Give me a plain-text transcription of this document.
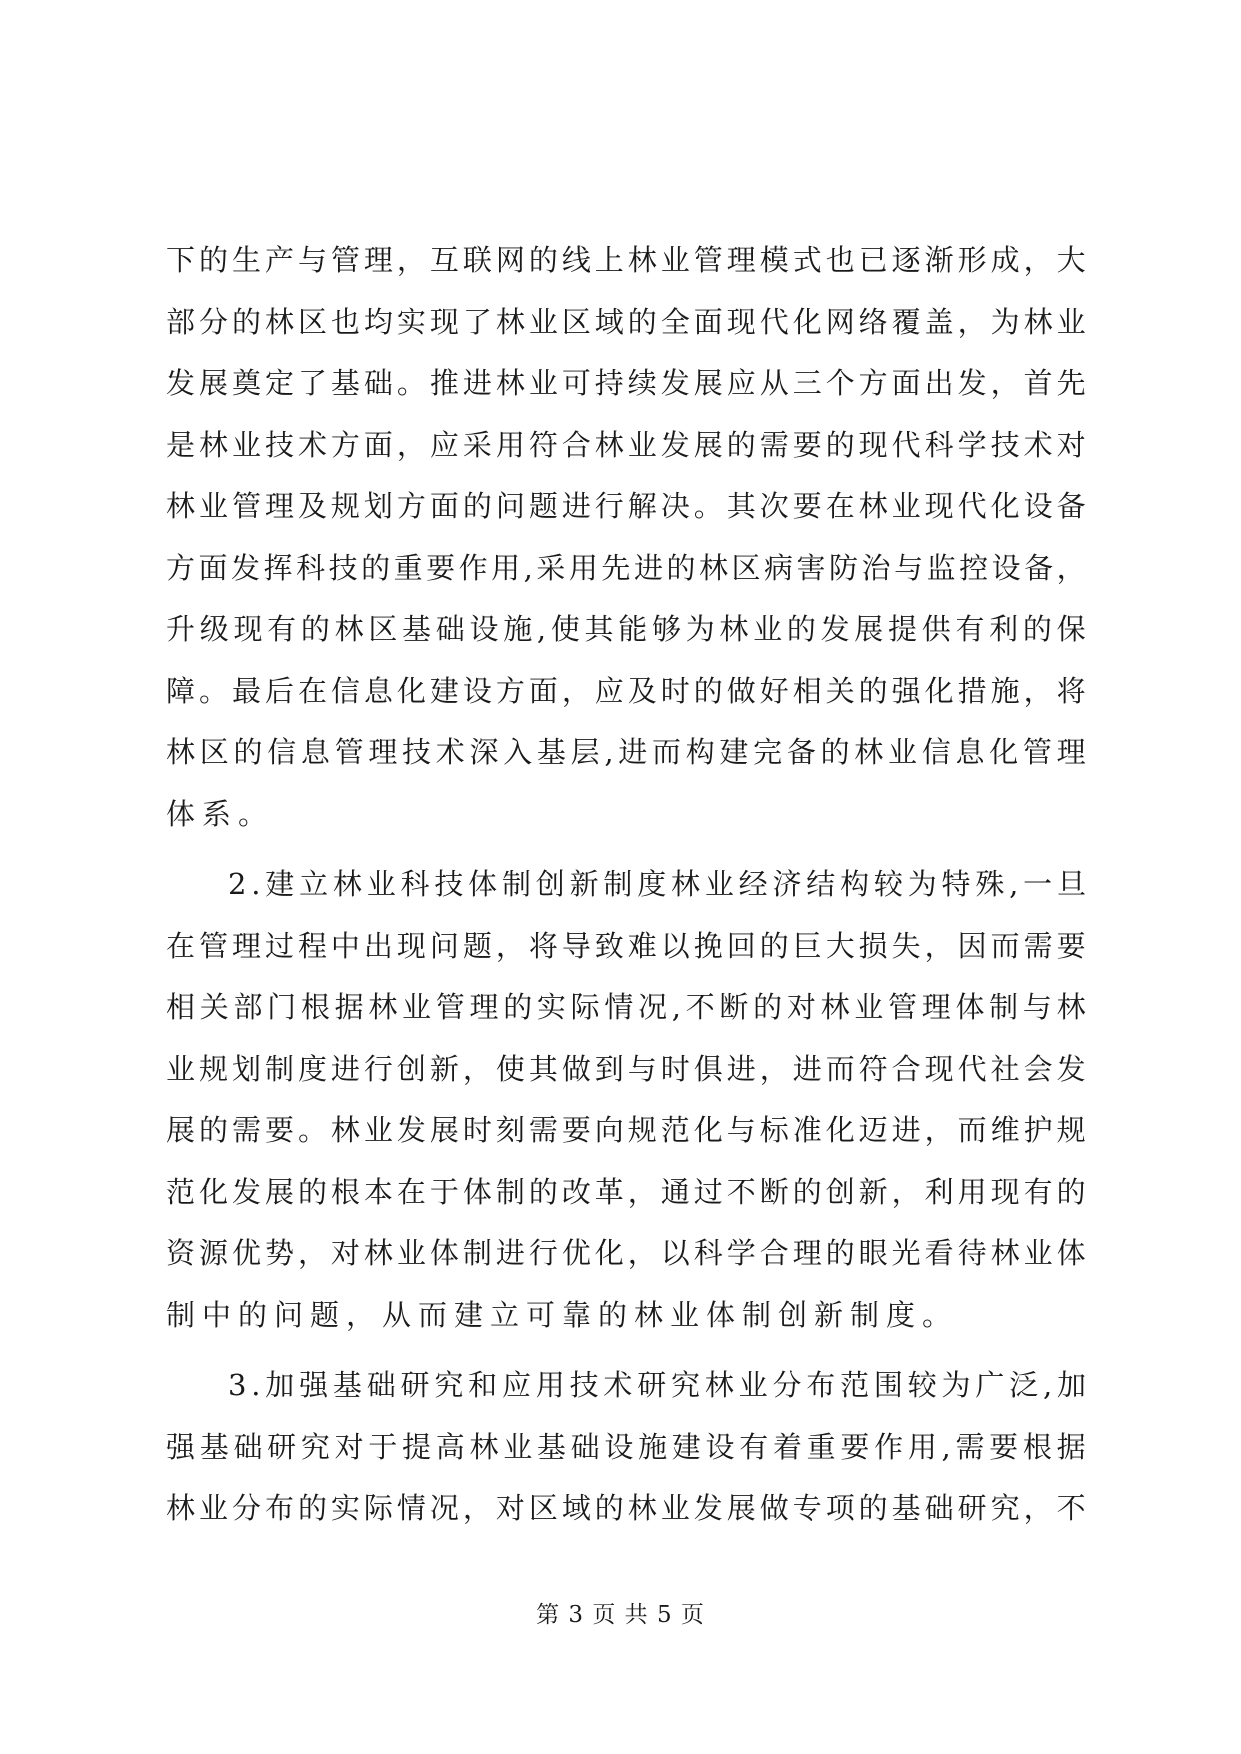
下 的 生 产 与 管 理 ， 互 联 网 的 线 上 林 业 管 理 模 式 也 已 逐 渐 形 成 ， 大
部 分 的 林 区 也 均 实 现 了 林 业 区 域 的 全 面 现 代 化 网 络 覆 盖 ， 为 林 业
发 展 奠 定 了 基 础 。 推 进 林 业 可 持 续 发 展 应 从 三 个 方 面 出 发 ， 首 先
是 林 业 技 术 方 面 ， 应 采 用 符 合 林 业 发 展 的 需 要 的 现 代 科 学 技 术 对
林 业 管 理 及 规 划 方 面 的 问 题 进 行 解 决 。 其 次 要 在 林 业 现 代 化 设 备
方 面 发 挥 科 技 的 重 要 作 用 , 采 用 先 进 的 林 区 病 害 防 治 与 监 控 设 备 ，
升 级 现 有 的 林 区 基 础 设 施 , 使 其 能 够 为 林 业 的 发 展 提 供 有 利 的 保
障 。 最 后 在 信 息 化 建 设 方 面 ， 应 及 时 的 做 好 相 关 的 强 化 措 施 ， 将
林 区 的 信 息 管 理 技 术 深 入 基 层 , 进 而 构 建 完 备 的 林 业 信 息 化 管 理
体系。
2 . 建 立 林 业 科 技 体 制 创 新 制 度 林 业 经 济 结 构 较 为 特 殊 , 一 旦
在 管 理 过 程 中 出 现 问 题 ， 将 导 致 难 以 挽 回 的 巨 大 损 失 ， 因 而 需 要
相 关 部 门 根 据 林 业 管 理 的 实 际 情 况 , 不 断 的 对 林 业 管 理 体 制 与 林
业 规 划 制 度 进 行 创 新 ， 使 其 做 到 与 时 俱 进 ， 进 而 符 合 现 代 社 会 发
展 的 需 要 。 林 业 发 展 时 刻 需 要 向 规 范 化 与 标 准 化 迈 进 ， 而 维 护 规
范 化 发 展 的 根 本 在 于 体 制 的 改 革 ， 通 过 不 断 的 创 新 ， 利 用 现 有 的
资 源 优 势 ， 对 林 业 体 制 进 行 优 化 ， 以 科 学 合 理 的 眼 光 看 待 林 业 体
制中的问题，从而建立可靠的林业体制创新制度。
3 . 加 强 基 础 研 究 和 应 用 技 术 研 究 林 业 分 布 范 围 较 为 广 泛 , 加
强 基 础 研 究 对 于 提 高 林 业 基 础 设 施 建 设 有 着 重 要 作 用 , 需 要 根 据
林 业 分 布 的 实 际 情 况 ， 对 区 域 的 林 业 发 展 做 专 项 的 基 础 研 究 ， 不
第 3 页 共 5 页
